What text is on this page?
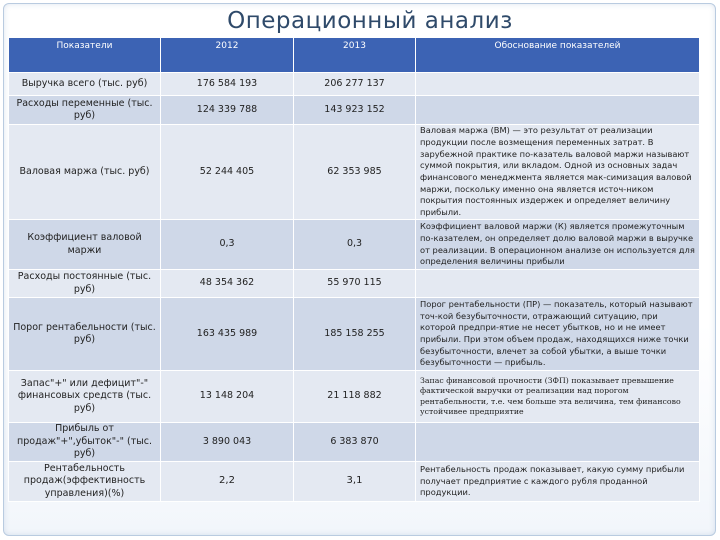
Операционный анализ
Показатели	2012	2013	Обоснование показателей
Выручка всего (тыс. руб)	176 584 193	206 277 137	
Расходы переменные (тыс. руб)	124 339 788	143 923 152	
Валовая маржа (тыс. руб)	52 244 405	62 353 985	Валовая маржа (ВМ) — это результат от реализации продукции после возмещения переменных затрат. В зарубежной практике по-казатель валовой маржи называют суммой покрытия, или вкладом. Одной из основных задач финансового менеджмента является мак-симизация валовой маржи, поскольку именно она является источ-ником покрытия постоянных издержек и определяет величину прибыли.
Коэффициент валовой маржи	0,3	0,3	Коэффициент валовой маржи (К) является промежуточным по-казателем, он определяет долю валовой маржи в выручке от реализации. В операционном анализе он используется для определения величины прибыли
Расходы постоянные (тыс. руб)	48 354 362	55 970 115	
Порог рентабельности (тыс. руб)	163 435 989	185 158 255	Порог рентабельности (ПР) — показатель, который называют точ-кой безубыточности, отражающий ситуацию, при которой предпри-ятие не несет убытков, но и не имеет прибыли. При этом объем продаж, находящихся ниже точки безубыточности, влечет за собой убытки, а выше точки безубыточности — прибыль.
Запас"+" или дефицит"-" финансовых средств (тыс. руб)	13 148 204	21 118 882	Запас финансовой прочности (ЗФП) показывает превышение фактической выручки от реализации над порогом рентабельности, т.е. чем больше эта величина, тем финансово устойчивее предприятие
Прибыль от продаж"+",убыток"-" (тыс. руб)	3 890 043	6 383 870	
Рентабельность продаж(эффективность управления)(%)	2,2	3,1	Рентабельность продаж показывает, какую сумму прибыли получает предприятие с каждого рубля проданной продукции.
